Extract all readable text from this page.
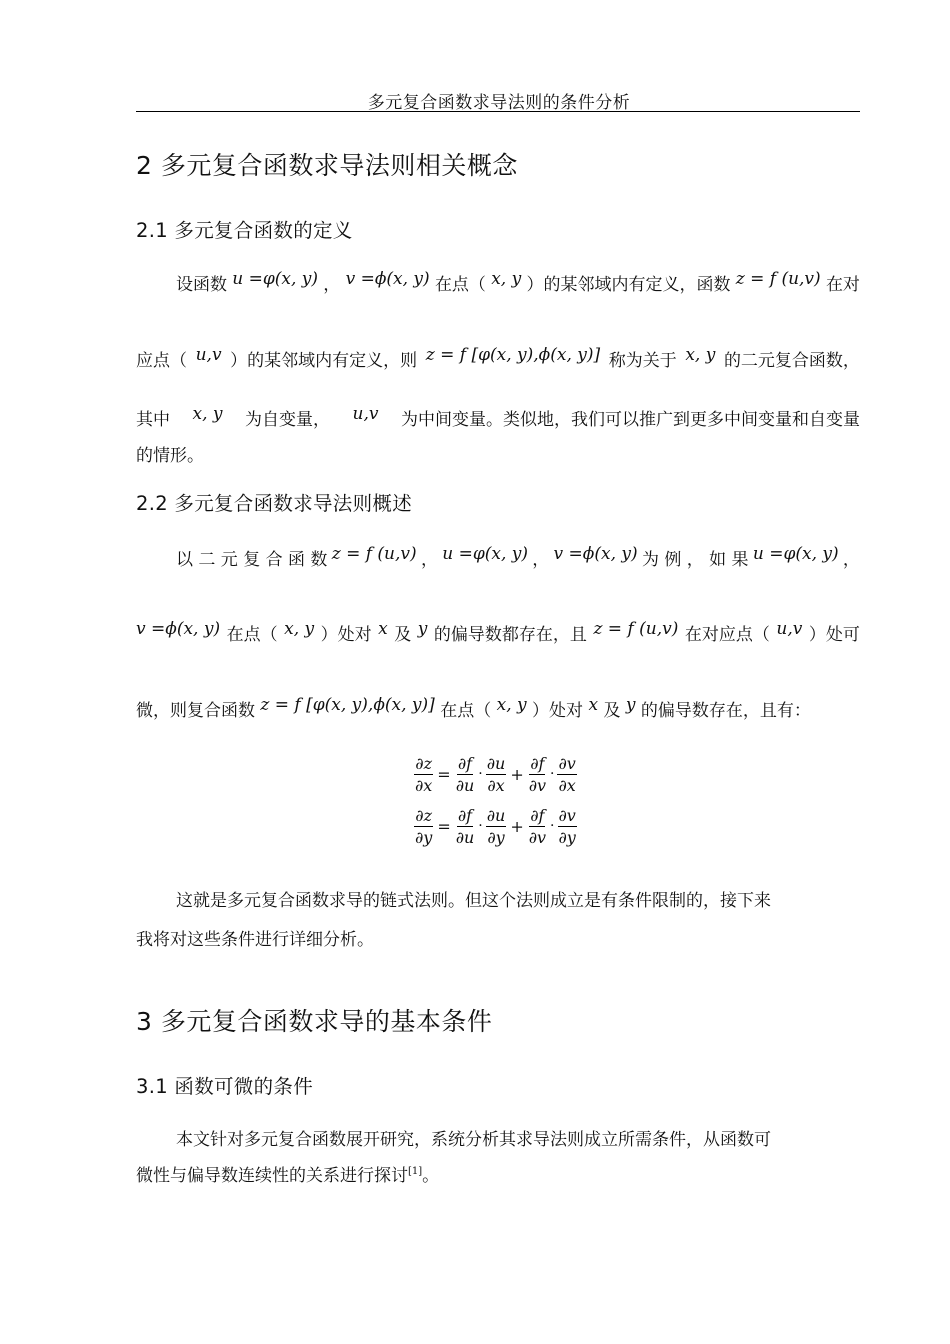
多元复合函数求导法则的条件分析
2 多元复合函数求导法则相关概念
2.1 多元复合函数的定义
设函数 u =φ(x, y) ， v =ϕ(x, y) 在点（ x, y ）的某邻域内有定义，函数 z = f (u,v) 在对
应点（ u,v ）的某邻域内有定义，则 z = f [φ(x, y),ϕ(x, y)] 称为关于 x, y 的二元复合函数，
其中 x, y 为自变量， u,v 为中间变量。类似地，我们可以推广到更多中间变量和自变量
的情形。
2.2 多元复合函数求导法则概述
以 二 元 复 合 函 数 z = f (u,v) ， u =φ(x, y) ， v =ϕ(x, y) 为 例 ， 如 果 u =φ(x, y) ，
v =ϕ(x, y) 在点（ x, y ）处对 x 及 y 的偏导数都存在，且 z = f (u,v) 在对应点（ u,v ）处可
微，则复合函数 z = f [φ(x, y),ϕ(x, y)] 在点（ x, y ）处对 x 及 y 的偏导数存在，且有：
$\frac{\partial z}{\partial x} = \frac{\partial f}{\partial u} \cdot \frac{\partial u}{\partial x} + \frac{\partial f}{\partial v} \cdot \frac{\partial v}{\partial x}$
$\frac{\partial z}{\partial y} = \frac{\partial f}{\partial u} \cdot \frac{\partial u}{\partial y} + \frac{\partial f}{\partial v} \cdot \frac{\partial v}{\partial y}$
这就是多元复合函数求导的链式法则。但这个法则成立是有条件限制的，接下来
我将对这些条件进行详细分析。
3 多元复合函数求导的基本条件
3.1 函数可微的条件
本文针对多元复合函数展开研究，系统分析其求导法则成立所需条件，从函数可
微性与偏导数连续性的关系进行探讨[1]。
